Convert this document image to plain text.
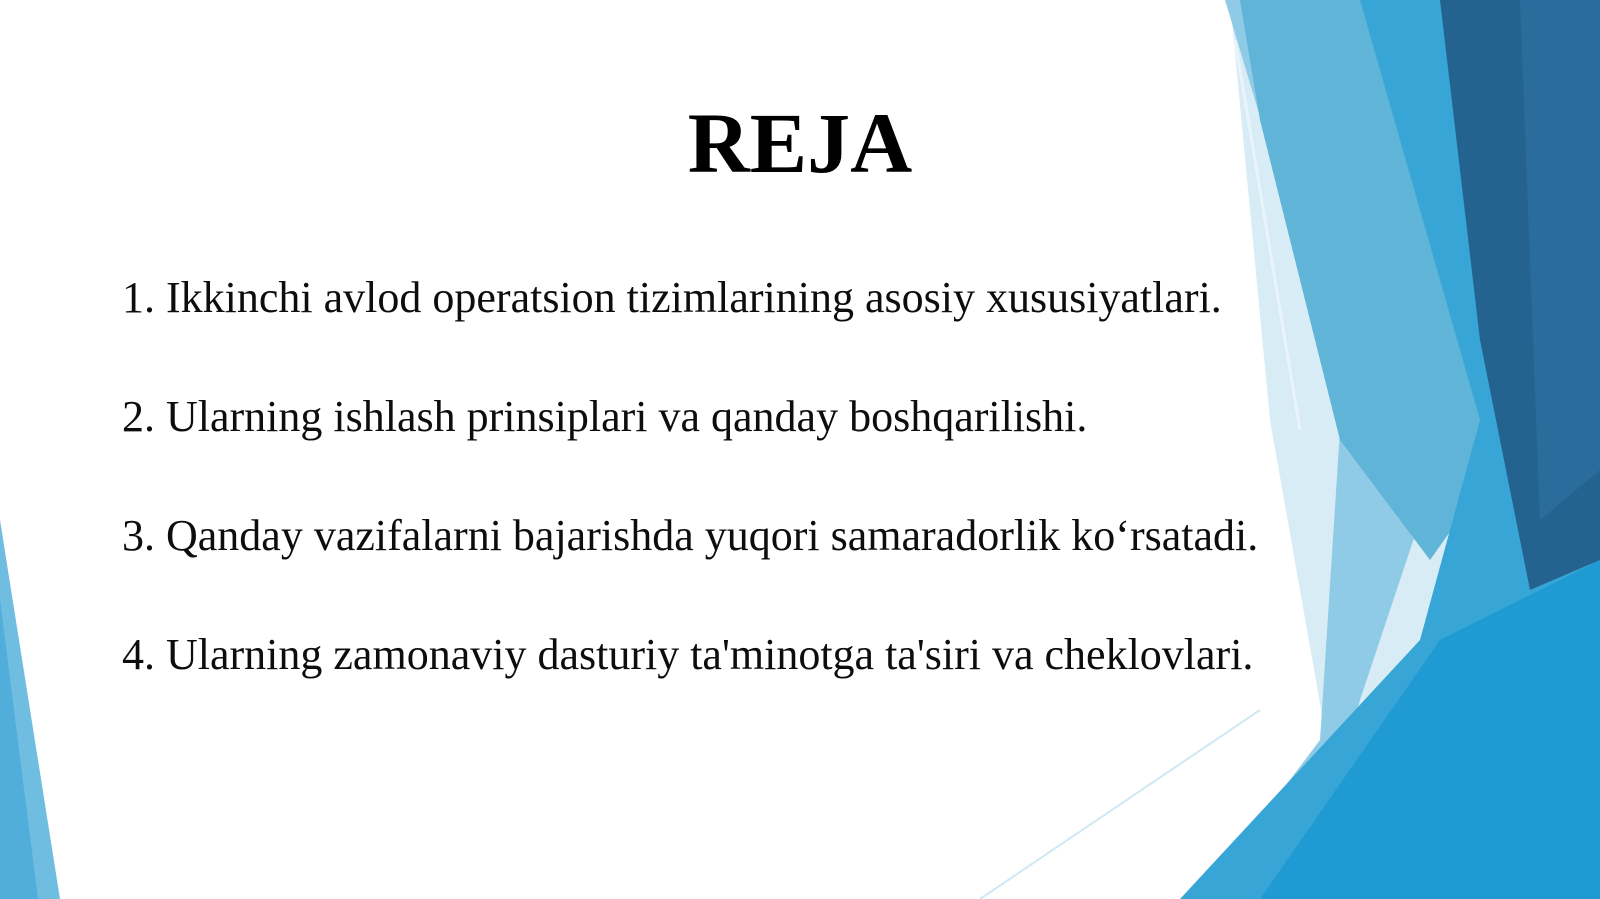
REJA
1. Ikkinchi avlod operatsion tizimlarining asosiy xususiyatlari.
2. Ularning ishlash prinsiplari va qanday boshqarilishi.
3. Qanday vazifalarni bajarishda yuqori samaradorlik ko‘rsatadi.
4. Ularning zamonaviy dasturiy ta'minotga ta'siri va cheklovlari.
